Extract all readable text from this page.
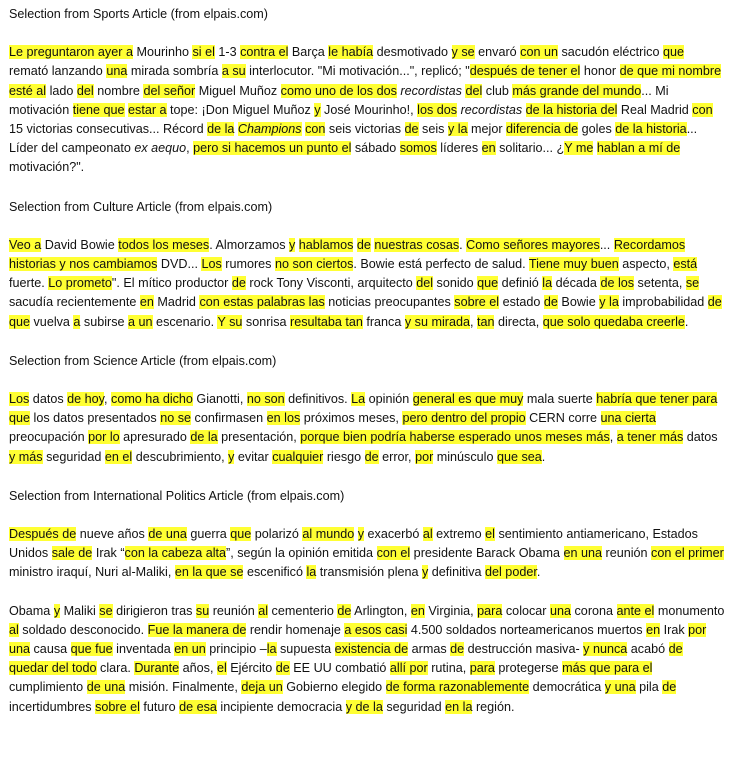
Selection from Sports Article (from elpais.com)

Le preguntaron ayer a Mourinho si el 1-3 contra el Barça le había desmotivado y se envaró con un sacudón eléctrico que remató lanzando una mirada sombría a su interlocutor. "Mi motivación...", replicó; "después de tener el honor de que mi nombre esté al lado del nombre del señor Miguel Muñoz como uno de los dos recordistas del club más grande del mundo... Mi motivación tiene que estar a tope: ¡Don Miguel Muñoz y José Mourinho!, los dos recordistas de la historia del Real Madrid con 15 victorias consecutivas... Récord de la Champions con seis victorias de seis y la mejor diferencia de goles de la historia... Líder del campeonato ex aequo, pero si hacemos un punto el sábado somos líderes en solitario... ¿Y me hablan a mí de motivación?".

Selection from Culture Article (from elpais.com)

Veo a David Bowie todos los meses. Almorzamos y hablamos de nuestras cosas. Como señores mayores... Recordamos historias y nos cambiamos DVD... Los rumores no son ciertos. Bowie está perfecto de salud. Tiene muy buen aspecto, está fuerte. Lo prometo". El mítico productor de rock Tony Visconti, arquitecto del sonido que definió la década de los setenta, se sacudía recientemente en Madrid con estas palabras las noticias preocupantes sobre el estado de Bowie y la improbabilidad de que vuelva a subirse a un escenario. Y su sonrisa resultaba tan franca y su mirada, tan directa, que solo quedaba creerle.

Selection from Science Article (from elpais.com)

Los datos de hoy, como ha dicho Gianotti, no son definitivos. La opinión general es que muy mala suerte habría que tener para que los datos presentados no se confirmasen en los próximos meses, pero dentro del propio CERN corre una cierta preocupación por lo apresurado de la presentación, porque bien podría haberse esperado unos meses más, a tener más datos y más seguridad en el descubrimiento, y evitar cualquier riesgo de error, por minúsculo que sea.

Selection from International Politics Article (from elpais.com)

Después de nueve años de una guerra que polarizó al mundo y exacerbó al extremo el sentimiento antiamericano, Estados Unidos sale de Irak “con la cabeza alta”, según la opinión emitida con el presidente Barack Obama en una reunión con el primer ministro iraquí, Nuri al-Maliki, en la que se escenificó la transmisión plena y definitiva del poder.

Obama y Maliki se dirigieron tras su reunión al cementerio de Arlington, en Virginia, para colocar una corona ante el monumento al soldado desconocido. Fue la manera de rendir homenaje a esos casi 4.500 soldados norteamericanos muertos en Irak por una causa que fue inventada en un principio –la supuesta existencia de armas de destrucción masiva- y nunca acabó de quedar del todo clara. Durante años, el Ejército de EE UU combatió allí por rutina, para protegerse más que para el cumplimiento de una misión. Finalmente, deja un Gobierno elegido de forma razonablemente democrática y una pila de incertidumbres sobre el futuro de esa incipiente democracia y de la seguridad en la región.
